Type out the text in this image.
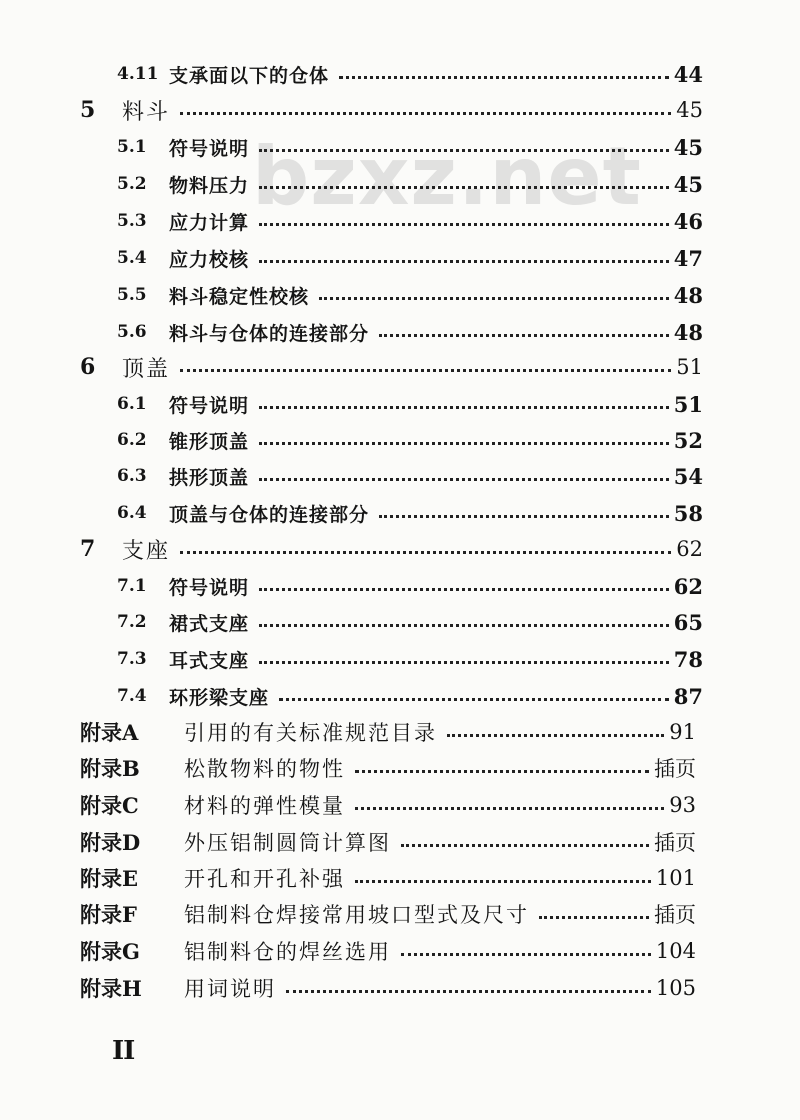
bzxz.net
4.11 支承面以下的仓体	44
5	料斗	45
5.1	符号说明	45
5.2	物料压力	45
5.3	应力计算	46
5.4	应力校核	47
5.5	料斗稳定性校核	48
5.6	料斗与仓体的连接部分	48
6	顶盖	51
6.1	符号说明	51
6.2	锥形顶盖	52
6.3	拱形顶盖	54
6.4	顶盖与仓体的连接部分	58
7	支座	62
7.1	符号说明	62
7.2	裙式支座	65
7.3	耳式支座	78
7.4	环形梁支座	87
附录A	引用的有关标准规范目录	91
附录B	松散物料的物性	插页
附录C	材料的弹性模量	93
附录D	外压铝制圆筒计算图	插页
附录E	开孔和开孔补强	101
附录F	铝制料仓焊接常用坡口型式及尺寸	插页
附录G	铝制料仓的焊丝选用	104
附录H	用词说明	105
II
